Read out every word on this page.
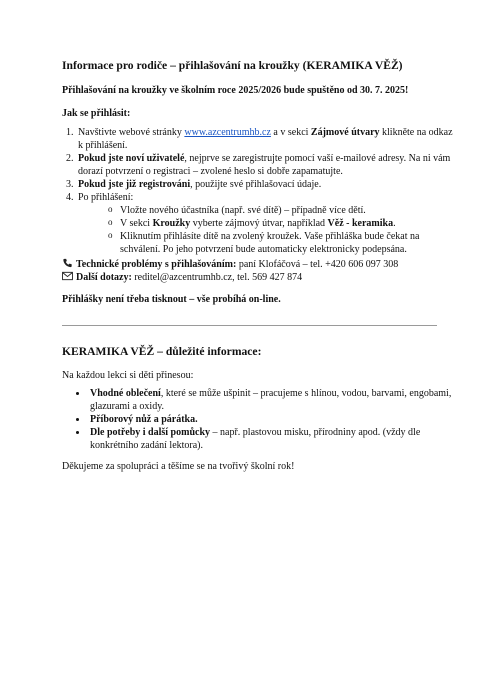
Informace pro rodiče – přihlašování na kroužky (KERAMIKA VĚŽ)
Přihlašování na kroužky ve školním roce 2025/2026 bude spuštěno od 30. 7. 2025!
Jak se přihlásit:
1. Navštivte webové stránky www.azcentrumhb.cz a v sekci Zájmové útvary klikněte na odkaz k přihlášení.
2. Pokud jste noví uživatelé, nejprve se zaregistrujte pomocí vaší e-mailové adresy. Na ni vám dorazí potvrzení o registraci – zvolené heslo si dobře zapamatujte.
3. Pokud jste již registrováni, použijte své přihlašovací údaje.
4. Po přihlášení:
o Vložte nového účastníka (např. své dítě) – případně více dětí.
o V sekci Kroužky vyberte zájmový útvar, například Věž - keramika.
o Kliknutím přihlásíte dítě na zvolený kroužek. Vaše přihláška bude čekat na schválení. Po jeho potvrzení bude automaticky elektronicky podepsána.
Technické problémy s přihlašováním: paní Klofáčová – tel. +420 606 097 308
Další dotazy: reditel@azcentrumhb.cz, tel. 569 427 874
Přihlášky není třeba tisknout – vše probíhá on-line.
KERAMIKA VĚŽ – důležité informace:
Na každou lekci si děti přinesou:
• Vhodné oblečení, které se může ušpinit – pracujeme s hlínou, vodou, barvami, engobami, glazurami a oxidy.
• Příborový nůž a párátka.
• Dle potřeby i další pomůcky – např. plastovou misku, přírodniny apod. (vždy dle konkrétního zadání lektora).
Děkujeme za spolupráci a těšíme se na tvořivý školní rok!
